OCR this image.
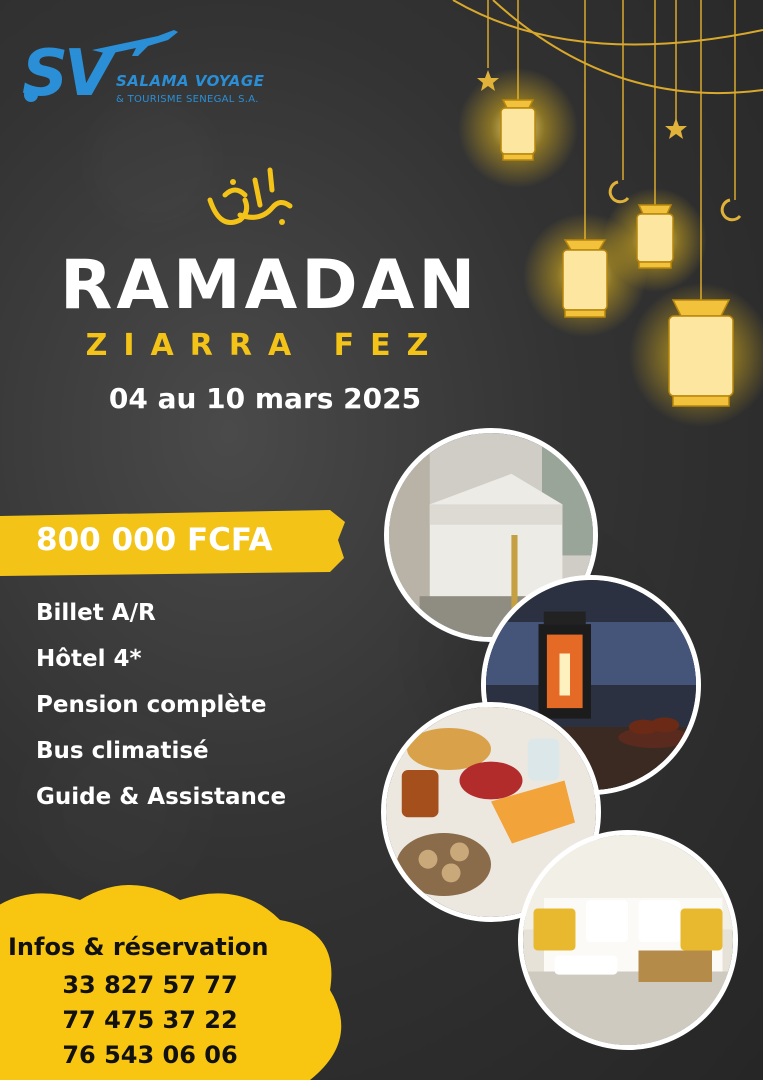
SV SALAMA VOYAGE
& TOURISME SENEGAL S.A.
RAMADAN
ZIARRA FEZ
04 au 10 mars 2025
800 000 FCFA
Billet A/R
Hôtel 4*
Pension complète
Bus climatisé
Guide & Assistance
Infos & réservation
33 827 57 77
77 475 37 22
76 543 06 06
